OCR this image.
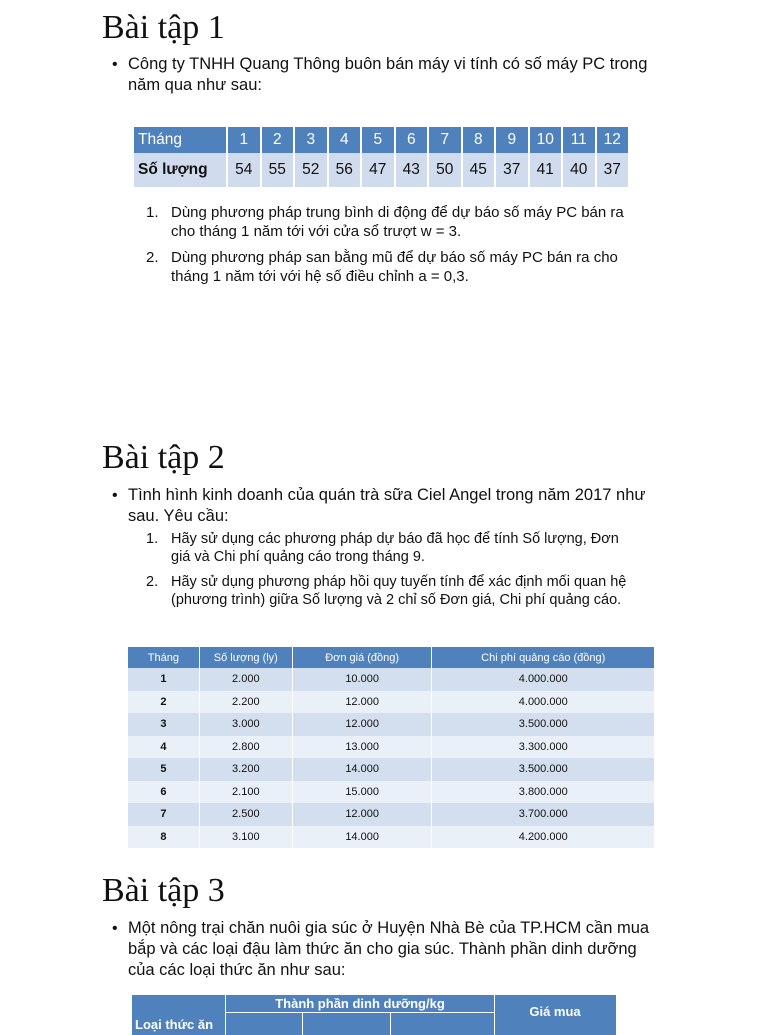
Bài tập 1
• Công ty TNHH Quang Thông buôn bán máy vi tính có số máy PC trong năm qua như sau:
Tháng	1	2	3	4	5	6	7	8	9	10	11	12
Số lượng	54	55	52	56	47	43	50	45	37	41	40	37
1. Dùng phương pháp trung bình di động để dự báo số máy PC bán ra cho tháng 1 năm tới với cửa sổ trượt w = 3.
2. Dùng phương pháp san bằng mũ để dự báo số máy PC bán ra cho tháng 1 năm tới với hệ số điều chỉnh a = 0,3.
Bài tập 2
• Tình hình kinh doanh của quán trà sữa Ciel Angel trong năm 2017 như sau. Yêu cầu:
1. Hãy sử dụng các phương pháp dự báo đã học để tính Số lượng, Đơn giá và Chi phí quảng cáo trong tháng 9.
2. Hãy sử dụng phương pháp hồi quy tuyến tính để xác định mối quan hệ (phương trình) giữa Số lượng và 2 chỉ số Đơn giá, Chi phí quảng cáo.
Tháng	Số lượng (ly)	Đơn giá (đồng)	Chi phí quảng cáo (đồng)
1	2.000	10.000	4.000.000
2	2.200	12.000	4.000.000
3	3.000	12.000	3.500.000
4	2.800	13.000	3.300.000
5	3.200	14.000	3.500.000
6	2.100	15.000	3.800.000
7	2.500	12.000	3.700.000
8	3.100	14.000	4.200.000
Bài tập 3
• Một nông trại chăn nuôi gia súc ở Huyện Nhà Bè của TP.HCM cần mua bắp và các loại đậu làm thức ăn cho gia súc. Thành phần dinh dưỡng của các loại thức ăn như sau:
Loại thức ăn
Thành phần dinh dưỡng/kg
Giá mua
